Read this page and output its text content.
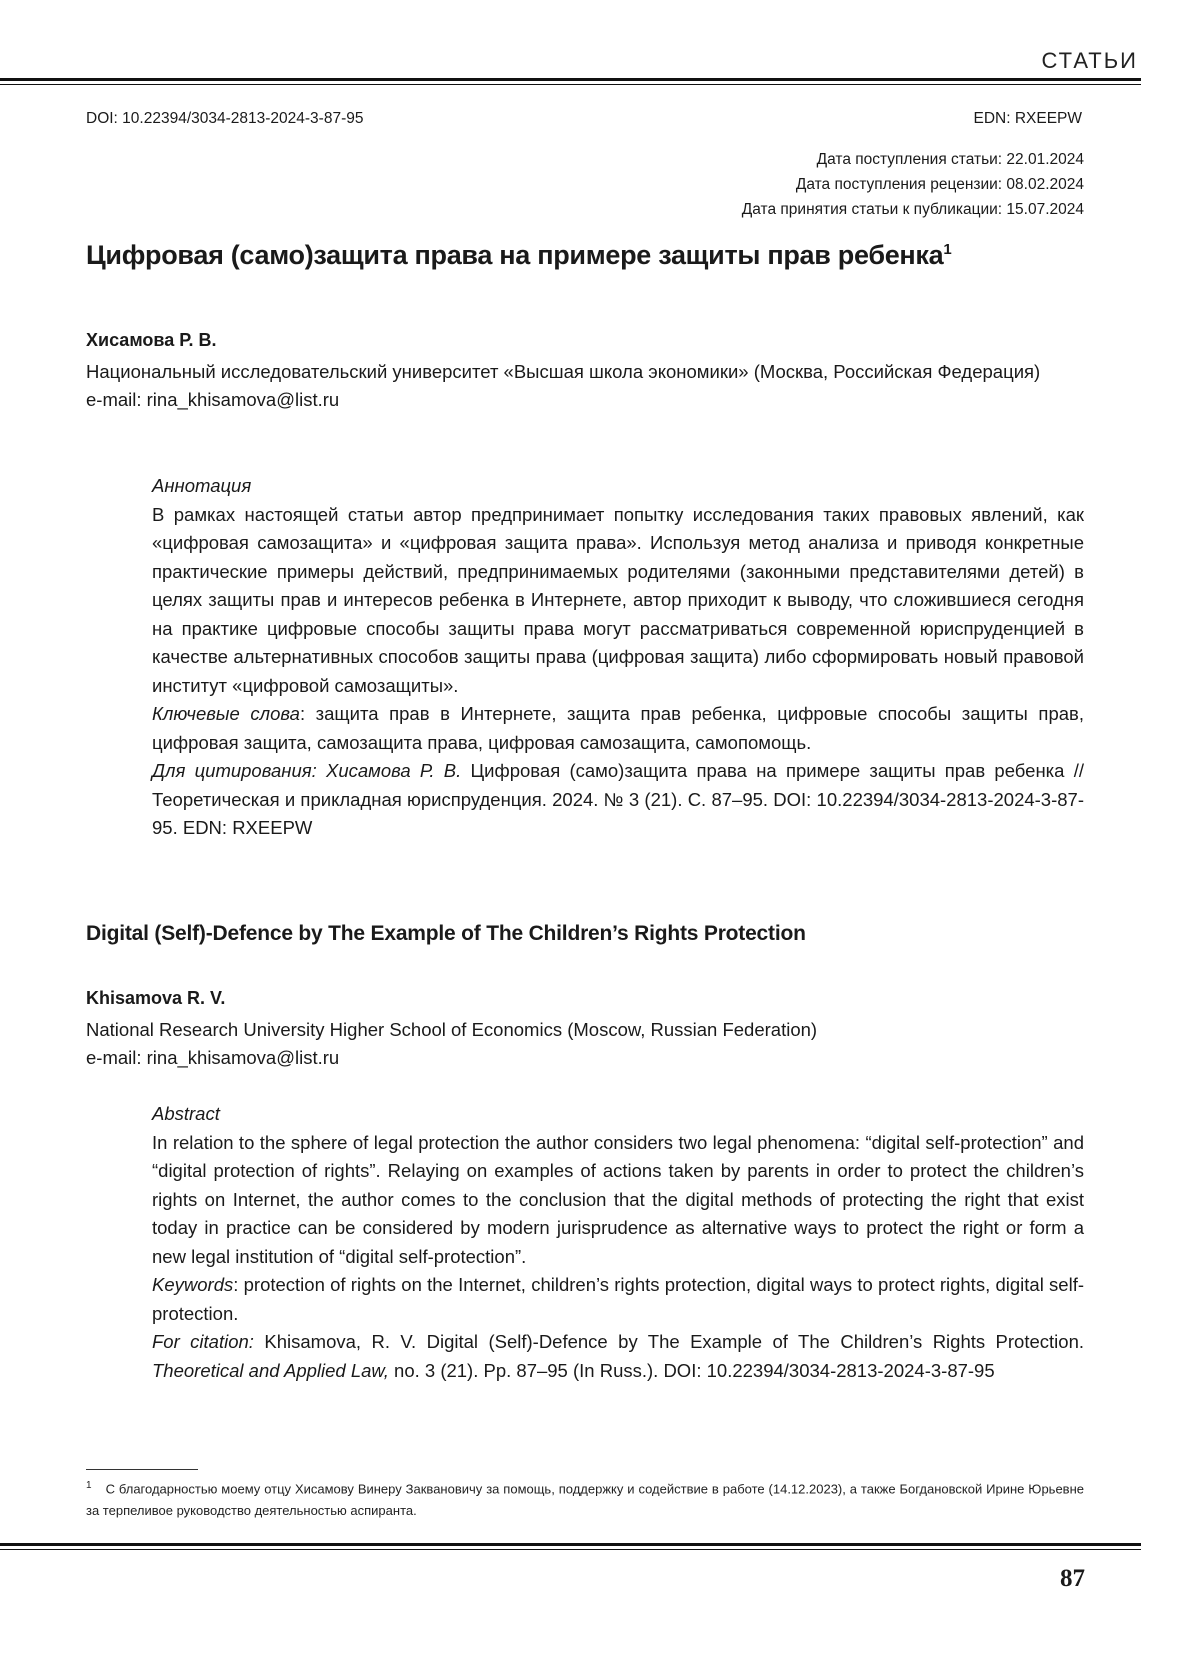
СТАТЬИ
DOI: 10.22394/3034-2813-2024-3-87-95	EDN: RXEEPW
Дата поступления статьи: 22.01.2024
Дата поступления рецензии: 08.02.2024
Дата принятия статьи к публикации: 15.07.2024
Цифровая (само)защита права на примере защиты прав ребенка$^1$
Хисамова Р. В.
Национальный исследовательский университет «Высшая школа экономики» (Москва, Российская Федерация)
e-mail: rina_khisamova@list.ru

Аннотация

В рамках настоящей статьи автор предпринимает попытку исследования таких правовых явлений, как «цифровая самозащита» и «цифровая защита права». Используя метод анализа и приводя конкретные практические примеры действий, предпринимаемых родителями (законными представителями детей) в целях защиты прав и интересов ребенка в Интернете, автор приходит к выводу, что сложившиеся сегодня на практике цифровые способы защиты права могут рассматриваться современной юриспруденцией в качестве альтернативных способов защиты права (цифровая защита) либо сформировать новый правовой институт «цифровой самозащиты».

Ключевые слова: защита прав в Интернете, защита прав ребенка, цифровые способы защиты прав, цифровая защита, самозащита права, цифровая самозащита, самопомощь.

Для цитирования: Хисамова Р. В. Цифровая (само)защита права на примере защиты прав ребенка // Теоретическая и прикладная юриспруденция. 2024. № 3 (21). С. 87–95. DOI: 10.22394/3034-2813-2024-3-87-95. EDN: RXEEPW

Digital (Self)-Defence by The Example of The Children’s Rights Protection
Khisamova R. V.
National Research University Higher School of Economics (Moscow, Russian Federation)
e-mail: rina_khisamova@list.ru

Abstract

In relation to the sphere of legal protection the author considers two legal phenomena: “digital self-protection” and “digital protection of rights”. Relaying on examples of actions taken by parents in order to protect the children’s rights on Internet, the author comes to the conclusion that the digital methods of protecting the right that exist today in practice can be considered by modern jurisprudence as alternative ways to protect the right or form a new legal institution of “digital self-protection”.

Keywords: protection of rights on the Internet, children’s rights protection, digital ways to protect rights, digital self-protection.

For citation: Khisamova, R. V. Digital (Self)-Defence by The Example of The Children’s Rights Protection. Theoretical and Applied Law, no. 3 (21). Pp. 87–95 (In Russ.). DOI: 10.22394/3034-2813-2024-3-87-95

$^1$ С благодарностью моему отцу Хисамову Винеру Заквановичу за помощь, поддержку и содействие в работе (14.12.2023), а также Богдановской Ирине Юрьевне за терпеливое руководство деятельностью аспиранта.
87
